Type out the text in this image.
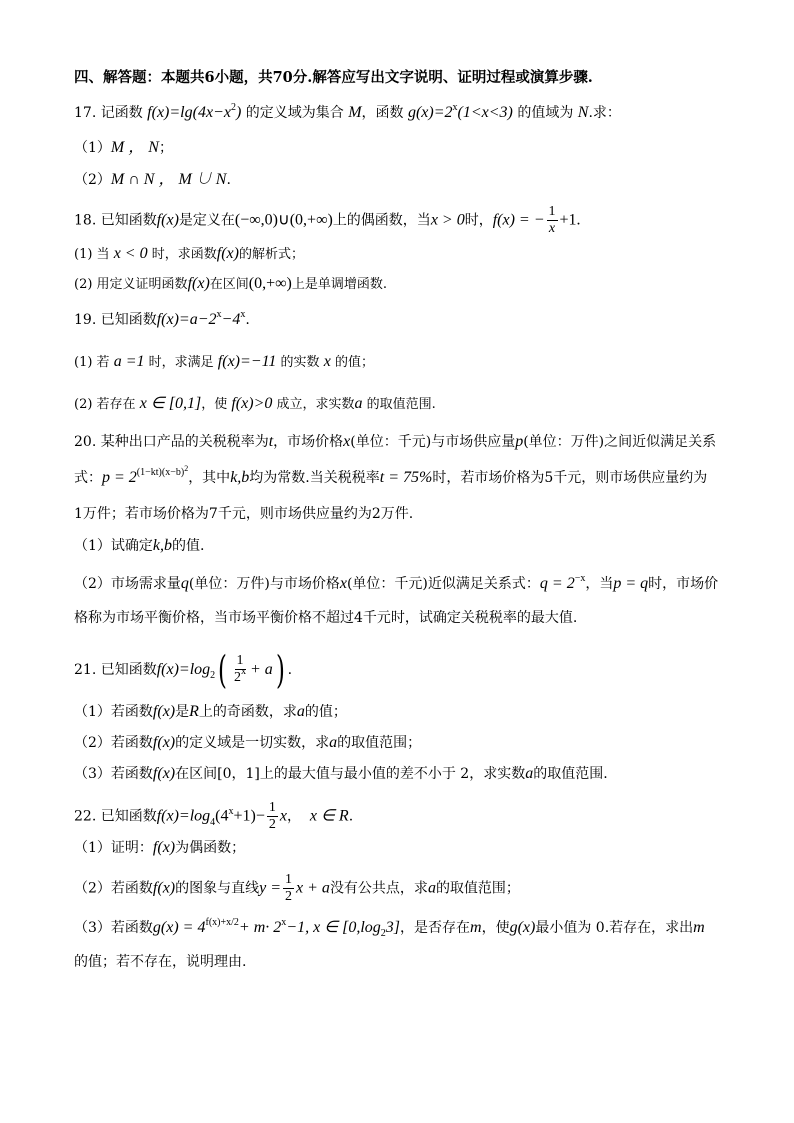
四、解答题：本题共6小题，共70分.解答应写出文字说明、证明过程或演算步骤.
17. 记函数 $f(x)=\lg(4x-x^2)$ 的定义域为集合 M，函数 $g(x)=2^x(1<x<3)$ 的值域为 N.求：
（1）M ， N；
（2）M ∩ N ， M ∪ N.
18. 已知函数f(x)是定义在(−∞,0)∪(0,+∞)上的偶函数，当x > 0时，f(x) = − $\frac{1}{x} +1$.
(1) 当 x < 0 时，求函数f(x)的解析式；
(2) 用定义证明函数f(x)在区间(0,+∞)上是单调增函数.
19. 已知函数$f(x)=a-2^x-4^x$.
(1) 若 a =1 时，求满足 f(x)=−11 的实数 x 的值；
(2) 若存在 x ∈ [0,1]，使 f(x)>0 成立，求实数a 的取值范围.
20. 某种出口产品的关税税率为t，市场价格x(单位：千元)与市场供应量p(单位：万件)之间近似满足关系
式：$p = 2^{(1-kt)(x-b)2}$，其中k,b均为常数.当关税税率t = 75%时，若市场价格为5千元，则市场供应量约为
1万件；若市场价格为7千元，则市场供应量约为2万件.
（1）试确定k,b的值.
（2）市场需求量q(单位：万件)与市场价格x(单位：千元)近似满足关系式：$q = 2^{-x}$，当p = q时，市场价
格称为市场平衡价格，当市场平衡价格不超过4千元时，试确定关税税率的最大值.
21. 已知函数$f(x)=\log_2( \frac{1}{2^x} + a)$ .
（1）若函数f(x)是R上的奇函数，求a的值；
（2）若函数f(x)的定义域是一切实数，求a的取值范围；
（3）若函数f(x)在区间[0，1]上的最大值与最小值的差不小于 2，求实数a的取值范围.
22. 已知函数$f(x)=\log_4(4^x+1)- \frac{1}{2}$ x， x ∈ R.
（1）证明：f(x)为偶函数；
（2）若函数f(x)的图象与直线$y = \frac{1}{2}$ x + a没有公共点，求a的取值范围；
（3）若函数$g(x) = 4^{f(x)+x/2}+ m\cdot 2^x-1$, x ∈ $[0,\log_23]$，是否存在m，使g(x)最小值为 0.若存在，求出m
的值；若不存在，说明理由.
